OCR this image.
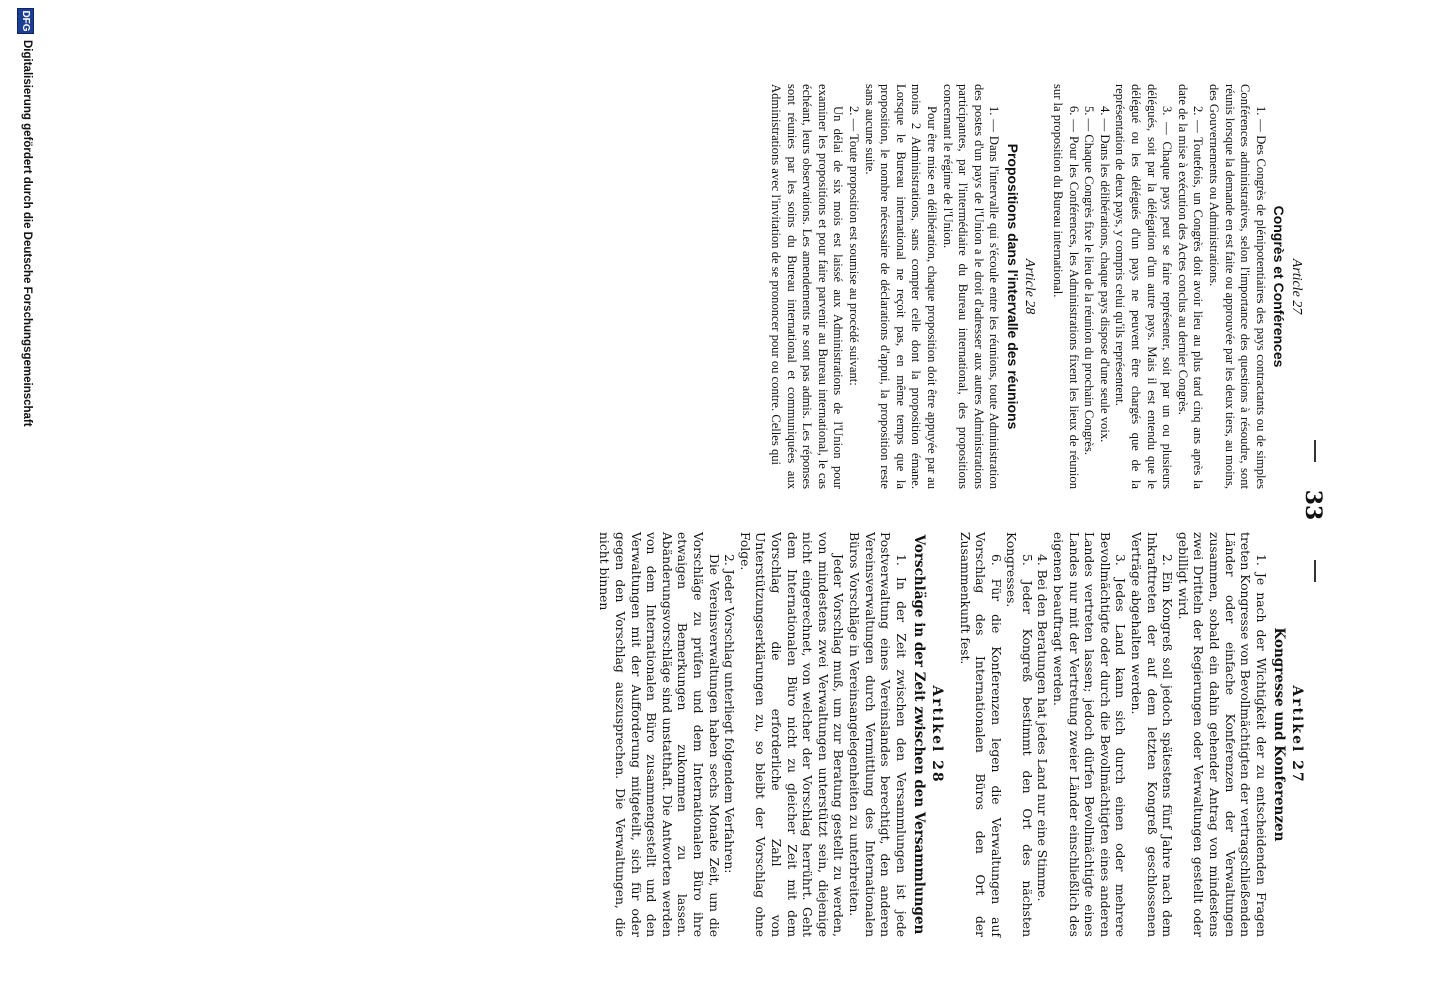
33
Article 27
Congrès et Conférences

1. — Des Congrès de plénipotentiaires des pays contractants ou de simples Conférences administratives, selon l'importance des questions à résoudre, sont réunis lorsque la demande en est faite ou approuvée par les deux tiers, au moins, des Gouvernements ou Administrations.

2. — Toutefois, un Congrès doit avoir lieu au plus tard cinq ans après la date de la mise à exécution des Actes conclus au dernier Congrès.

3. — Chaque pays peut se faire représenter, soit par un ou plusieurs délégués, soit par la délégation d'un autre pays. Mais il est entendu que le délégué ou les délégués d'un pays ne peuvent être chargés que de la représentation de deux pays, y compris celui qu'ils représentent.

4. — Dans les délibérations, chaque pays dispose d'une seule voix.

5. — Chaque Congrès fixe le lieu de la réunion du prochain Congrès.

6. — Pour les Conférences, les Administrations fixent les lieux de réunion sur la proposition du Bureau international.

Article 28
Propositions dans l'intervalle des réunions

1. — Dans l'intervalle qui s'écoule entre les réunions, toute Administration des postes d'un pays de l'Union a le droit d'adresser aux autres Administrations participantes, par l'intermédiaire du Bureau international, des propositions concernant le régime de l'Union.

Pour être mise en délibération, chaque proposition doit être appuyée par au moins 2 Administrations, sans compter celle dont la proposition émane. Lorsque le Bureau international ne reçoit pas, en même temps que la proposition, le nombre nécessaire de déclarations d'appui, la proposition reste sans aucune suite.

2. — Toute proposition est soumise au procédé suivant:

Un délai de six mois est laissé aux Administrations de l'Union pour examiner les propositions et pour faire parvenir au Bureau international, le cas échéant, leurs observations. Les amendements ne sont pas admis. Les réponses sont réunies par les soins du Bureau international et communiquées aux Administrations avec l'invitation de se prononcer pour ou contre. Celles qui

Artikel 27
Kongresse und Konferenzen

1. Je nach der Wichtigkeit der zu entscheidenden Fragen treten Kongresse von Bevollmächtigten der vertragschließenden Länder oder einfache Konferenzen der Verwaltungen zusammen, sobald ein dahin gehender Antrag von mindestens zwei Dritteln der Regierungen oder Verwaltungen gestellt oder gebilligt wird.

2. Ein Kongreß soll jedoch spätestens fünf Jahre nach dem Inkrafttreten der auf dem letzten Kongreß geschlossenen Verträge abgehalten werden.

3. Jedes Land kann sich durch einen oder mehrere Bevollmächtigte oder durch die Bevollmächtigten eines anderen Landes vertreten lassen; jedoch dürfen Bevollmächtigte eines Landes nur mit der Vertretung zweier Länder einschließlich des eigenen beauftragt werden.

4. Bei den Beratungen hat jedes Land nur eine Stimme.

5. Jeder Kongreß bestimmt den Ort des nächsten Kongresses.

6. Für die Konferenzen legen die Verwaltungen auf Vorschlag des Internationalen Büros den Ort der Zusammenkunft fest.

Artikel 28
Vorschläge in der Zeit zwischen den Versammlungen

1. In der Zeit zwischen den Versammlungen ist jede Postverwaltung eines Vereinslandes berechtigt, den anderen Vereinsverwaltungen durch Vermittlung des Internationalen Büros Vorschläge in Vereinsangelegenheiten zu unterbreiten.

Jeder Vorschlag muß, um zur Beratung gestellt zu werden, von mindestens zwei Verwaltungen unterstützt sein, diejenige nicht eingerechnet, von welcher der Vorschlag herrührt. Geht dem Internationalen Büro nicht zu gleicher Zeit mit dem Vorschlag die erforderliche Zahl von Unterstützungserklärungen zu, so bleibt der Vorschlag ohne Folge.

2. Jeder Vorschlag unterliegt folgendem Verfahren:

Die Vereinsverwaltungen haben sechs Monate Zeit, um die Vorschläge zu prüfen und dem Internationalen Büro ihre etwaigen Bemerkungen zukommen zu lassen. Abänderungsvorschläge sind unstatthaft. Die Antworten werden von dem Internationalen Büro zusammengestellt und den Verwaltungen mit der Aufforderung mitgeteilt, sich für oder gegen den Vorschlag auszusprechen. Die Verwaltungen, die nicht binnen

DFG
Digitalisierung gefördert durch die Deutsche Forschungsgemeinschaft
